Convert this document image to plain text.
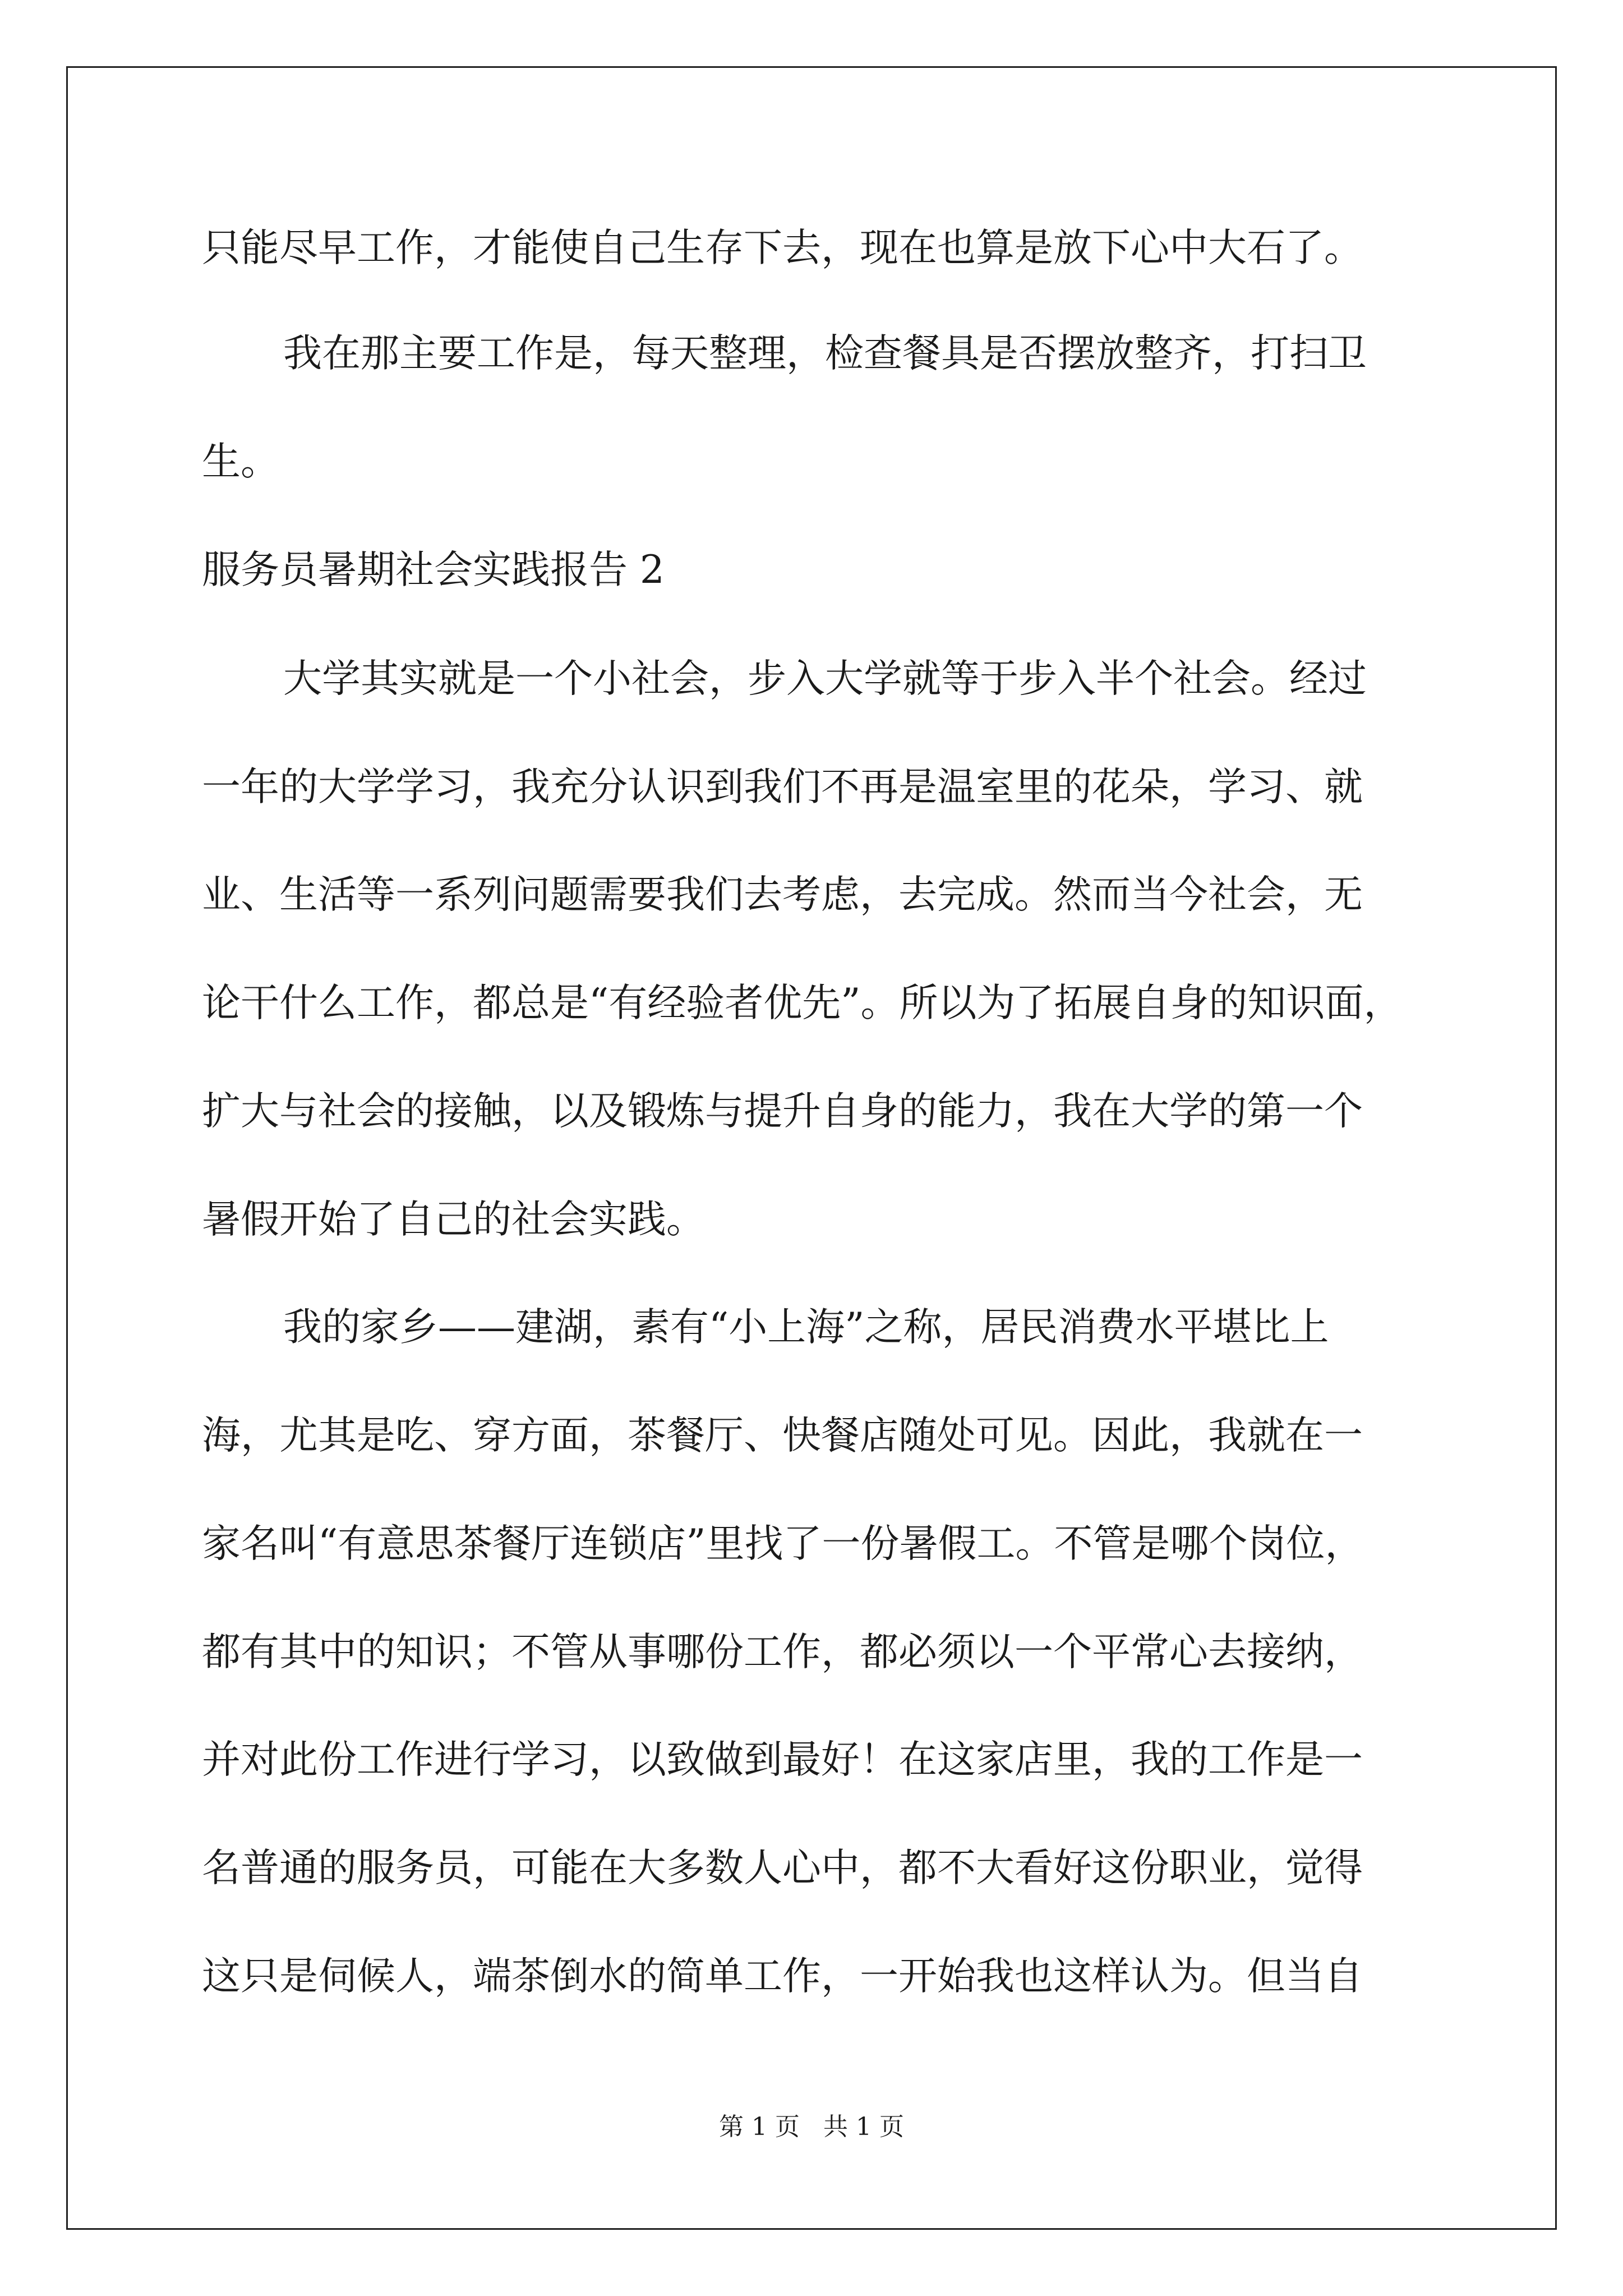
只能尽早工作，才能使自己生存下去，现在也算是放下心中大石了。

我在那主要工作是，每天整理，检查餐具是否摆放整齐，打扫卫

生。

服务员暑期社会实践报告 2

大学其实就是一个小社会，步入大学就等于步入半个社会。经过

一年的大学学习，我充分认识到我们不再是温室里的花朵，学习、就

业、生活等一系列问题需要我们去考虑，去完成。然而当今社会，无

论干什么工作，都总是“有经验者优先”。所以为了拓展自身的知识面，

扩大与社会的接触，以及锻炼与提升自身的能力，我在大学的第一个

暑假开始了自己的社会实践。

我的家乡——建湖，素有“小上海”之称，居民消费水平堪比上

海，尤其是吃、穿方面，茶餐厅、快餐店随处可见。因此，我就在一

家名叫“有意思茶餐厅连锁店”里找了一份暑假工。不管是哪个岗位，

都有其中的知识；不管从事哪份工作，都必须以一个平常心去接纳，

并对此份工作进行学习，以致做到最好！在这家店里，我的工作是一

名普通的服务员，可能在大多数人心中，都不大看好这份职业，觉得

这只是伺候人，端茶倒水的简单工作，一开始我也这样认为。但当自

第 1 页   共 1 页
